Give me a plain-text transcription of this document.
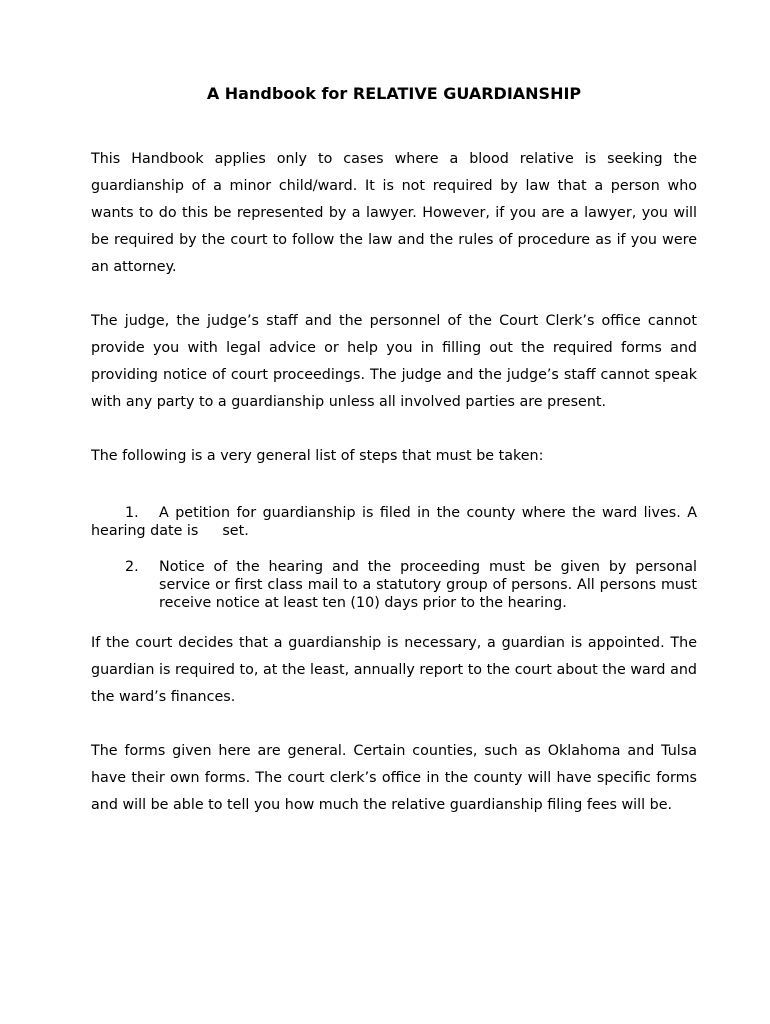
A Handbook for RELATIVE GUARDIANSHIP

This Handbook applies only to cases where a blood relative is seeking the guardianship of a minor child/ward. It is not required by law that a person who wants to do this be represented by a lawyer. However, if you are a lawyer, you will be required by the court to follow the law and the rules of procedure as if you were an attorney.

The judge, the judge’s staff and the personnel of the Court Clerk’s office cannot provide you with legal advice or help you in filling out the required forms and providing notice of court proceedings. The judge and the judge’s staff cannot speak with any party to a guardianship unless all involved parties are present.

The following is a very general list of steps that must be taken:

1. A petition for guardianship is filed in the county where the ward lives. A hearing date is set.
2. Notice of the hearing and the proceeding must be given by personal service or first class mail to a statutory group of persons. All persons must receive notice at least ten (10) days prior to the hearing.

If the court decides that a guardianship is necessary, a guardian is appointed. The guardian is required to, at the least, annually report to the court about the ward and the ward’s finances.

The forms given here are general. Certain counties, such as Oklahoma and Tulsa have their own forms. The court clerk’s office in the county will have specific forms and will be able to tell you how much the relative guardianship filing fees will be.
